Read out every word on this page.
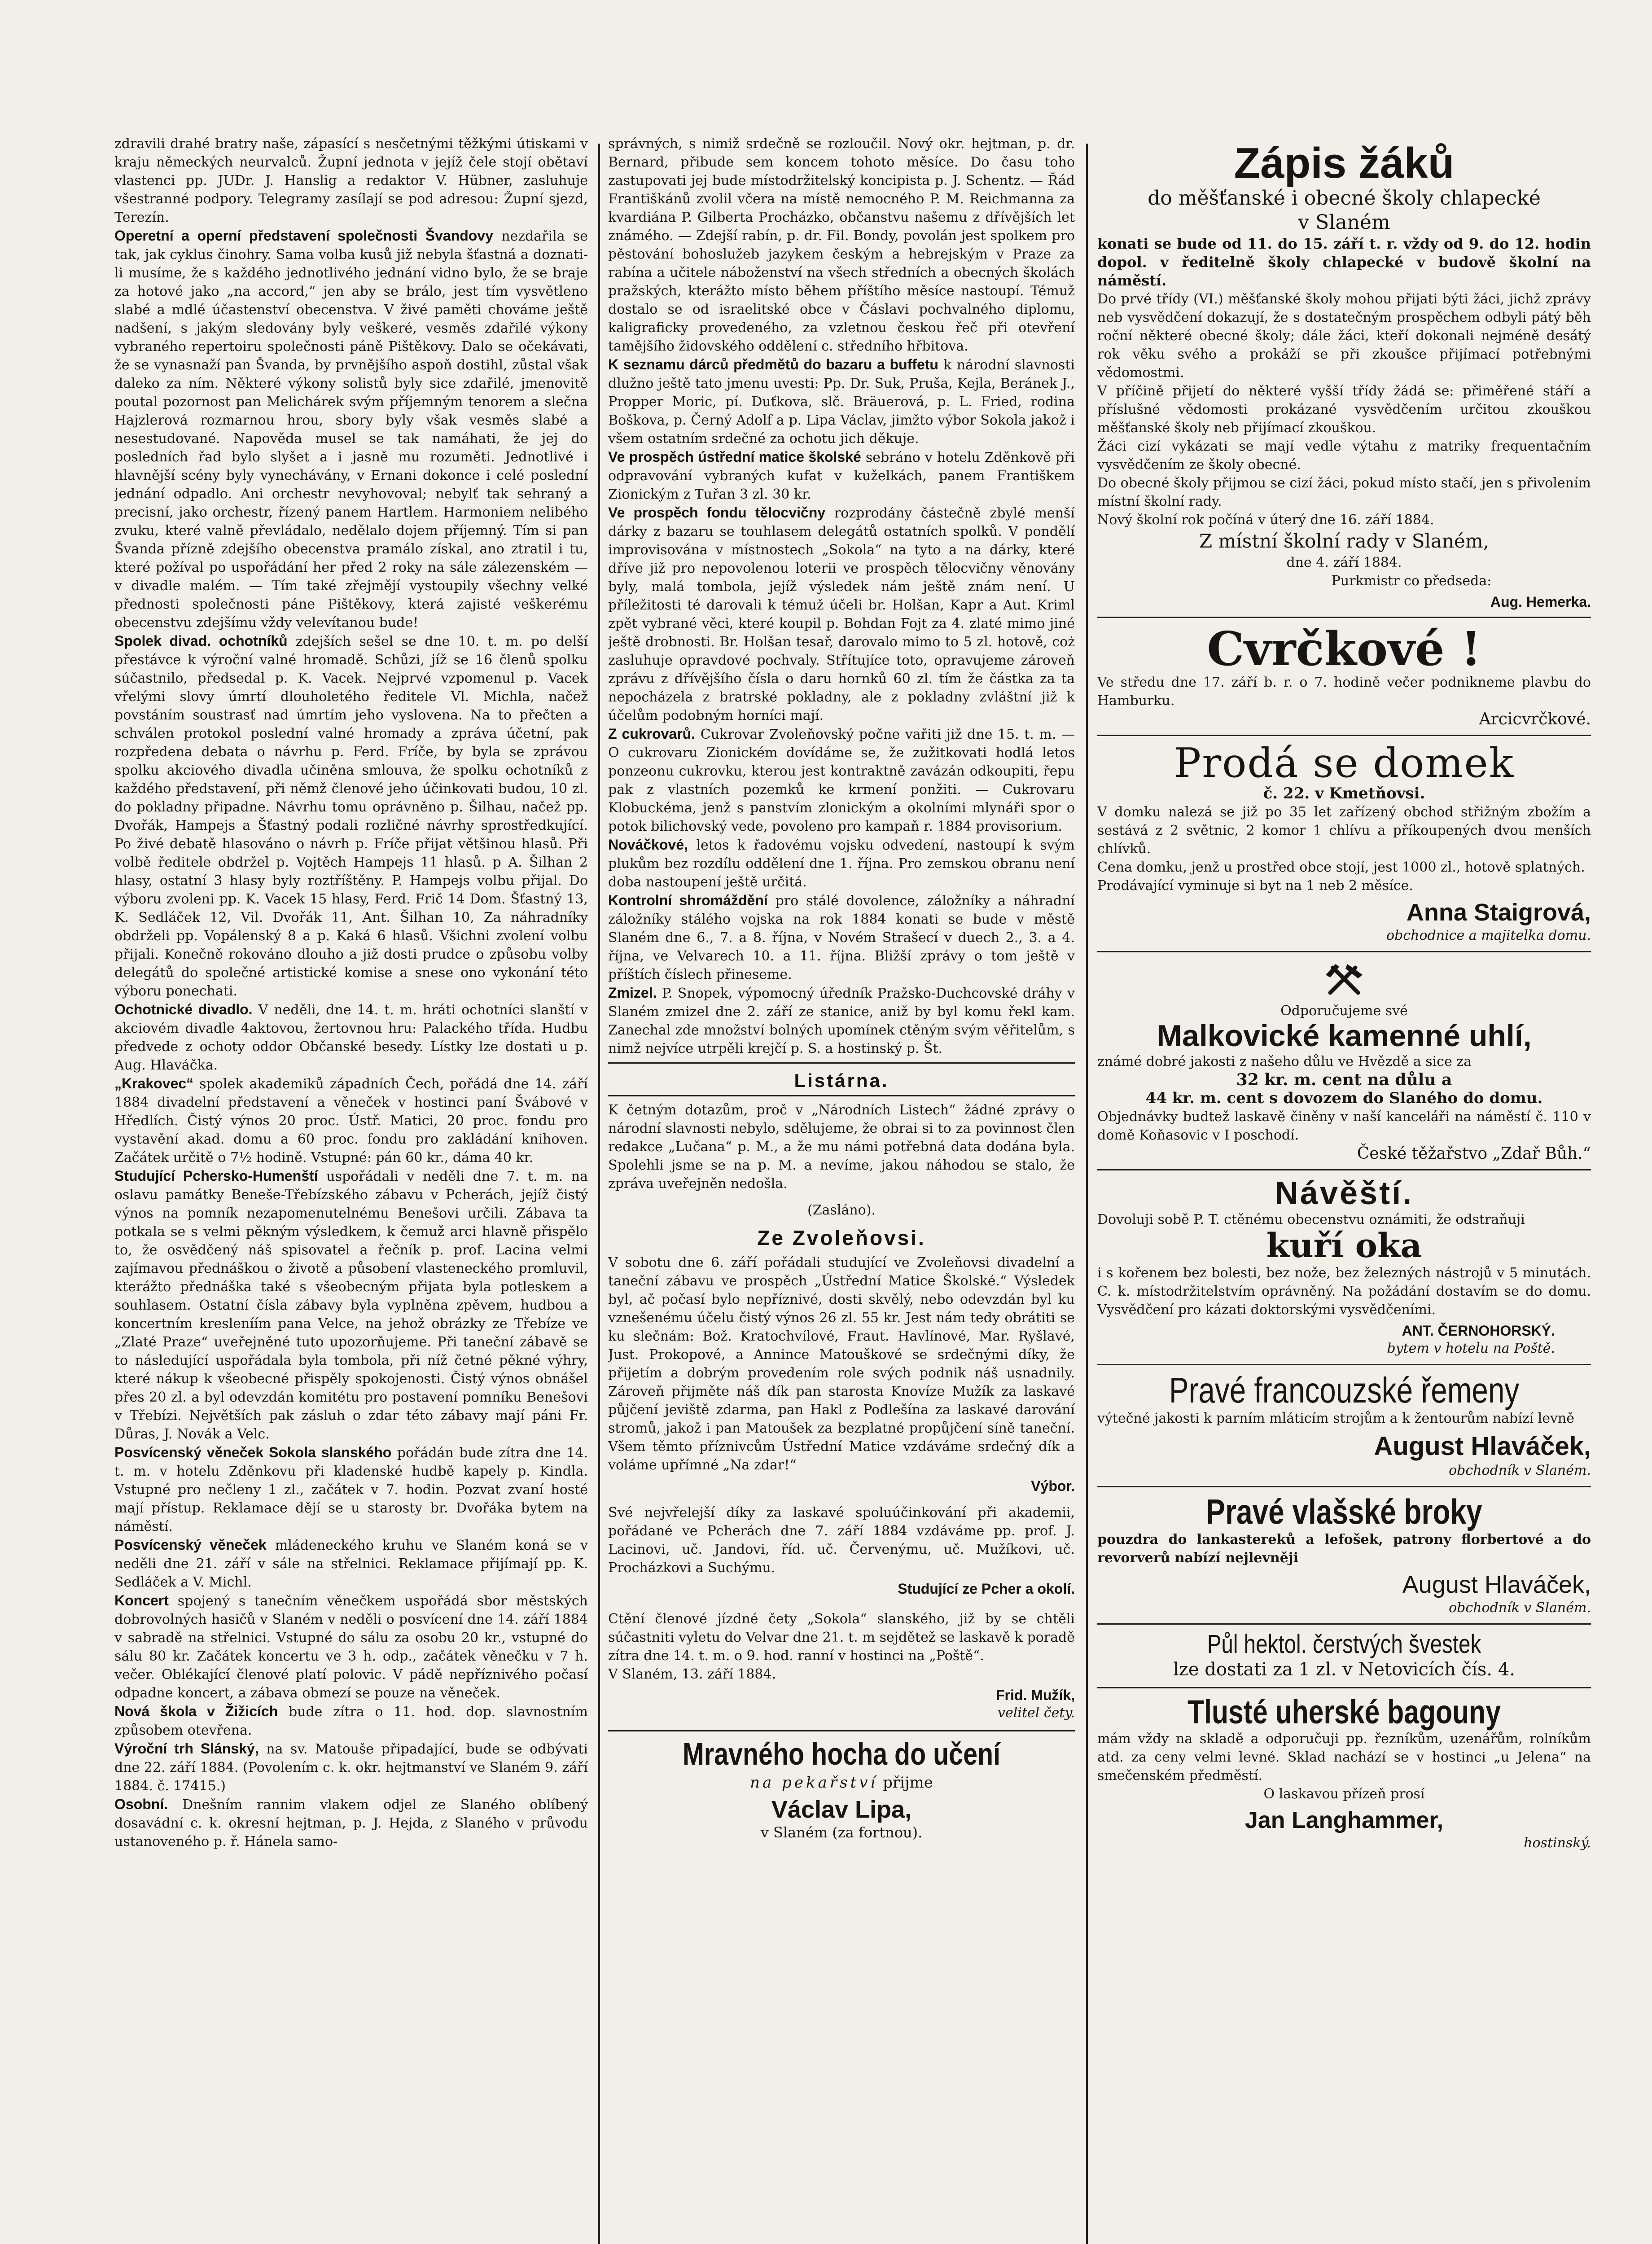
zdravili drahé bratry naše, zápasící s nesčetnými těžkými útiskami v kraju německých neurvalců. Župní jednota v jejíž čele stojí obětaví vlastenci pp. JUDr. J. Hanslig a redaktor V. Hübner, zasluhuje všestranné podpory. Telegramy zasílají se pod adresou: Župní sjezd, Terezín.

Operetní a operní představení společnosti Švandovy nezdařila se tak, jak cyklus činohry. Sama volba kusů již nebyla šťastná a doznati-li musíme, že s každého jednotlivého jednání vidno bylo, že se braje za hotové jako „na accord,“ jen aby se brálo, jest tím vysvětleno slabé a mdlé účastenství obecenstva. V živé paměti chováme ještě nadšení, s jakým sledovány byly veškeré, vesměs zdařilé výkony vybraného repertoiru společnosti páně Pištěkovy. Dalo se očekávati, že se vynasnaží pan Švanda, by prvnějšího aspoň dostihl, zůstal však daleko za ním. Některé výkony solistů byly sice zdařilé, jmenovitě poutal pozornost pan Melichárek svým příjemným tenorem a slečna Hajzlerová rozmarnou hrou, sbory byly však vesměs slabé a nesestudované. Napověda musel se tak namáhati, že jej do posledních řad bylo slyšet a i jasně mu rozuměti. Jednotlivé i hlavnější scény byly vynechávány, v Ernani dokonce i celé poslední jednání odpadlo. Ani orchestr nevyhovoval; nebylť tak sehraný a precisní, jako orchestr, řízený panem Hartlem. Harmoniem nelibého zvuku, které valně převládalo, nedělalo dojem příjemný. Tím si pan Švanda přízně zdejšího obecenstva pramálo získal, ano ztratil i tu, které požíval po uspořádání her před 2 roky na sále zálezenském — v divadle malém. — Tím také zřejmějí vystoupily všechny velké přednosti společnosti páne Pištěkovy, která zajisté veškerému obecenstvu zdejšímu vždy velevítanou bude!

Spolek divad. ochotníků zdejších sešel se dne 10. t. m. po delší přestávce k výroční valné hromadě. Schůzi, jíž se 16 členů spolku súčastnilo, předsedal p. K. Vacek. Nejprvé vzpomenul p. Vacek vřelými slovy úmrtí dlouholetého ředitele Vl. Michla, načež povstáním soustrasť nad úmrtím jeho vyslovena. Na to přečten a schválen protokol poslední valné hromady a zpráva účetní, pak rozpředena debata o návrhu p. Ferd. Fríče, by byla se zprávou spolku akciového divadla učiněna smlouva, že spolku ochotníků z každého představení, při němž členové jeho účinkovati budou, 10 zl. do pokladny připadne. Návrhu tomu oprávněno p. Šilhau, načež pp. Dvořák, Hampejs a Šťastný podali rozličné návrhy sprostředkující. Po živé debatě hlasováno o návrh p. Fríče přijat většinou hlasů. Při volbě ředitele obdržel p. Vojtěch Hampejs 11 hlasů. p A. Šilhan 2 hlasy, ostatní 3 hlasy byly roztříštěny. P. Hampejs volbu přijal. Do výboru zvoleni pp. K. Vacek 15 hlasy, Ferd. Frič 14 Dom. Šťastný 13, K. Sedláček 12, Vil. Dvořák 11, Ant. Šilhan 10, Za náhradníky obdrželi pp. Vopálenský 8 a p. Kaká 6 hlasů. Všichni zvolení volbu přijali. Konečně rokováno dlouho a již dosti prudce o způsobu volby delegátů do společné artistické komise a snese ono vykonání této výboru ponechati.

Ochotnické divadlo. V neděli, dne 14. t. m. hráti ochotníci slanští v akciovém divadle 4aktovou, žertovnou hru: Palackého třída. Hudbu předvede z ochoty oddor Občanské besedy. Lístky lze dostati u p. Aug. Hlaváčka.

„Krakovec“ spolek akademiků západních Čech, pořádá dne 14. září 1884 divadelní představení a věneček v hostinci paní Švábové v Hředlích. Čistý výnos 20 proc. Ústř. Matici, 20 proc. fondu pro vystavění akad. domu a 60 proc. fondu pro zakládání knihoven. Začátek určitě o 7½ hodině. Vstupné: pán 60 kr., dáma 40 kr.

Studující Pchersko-Humenští uspořádali v neděli dne 7. t. m. na oslavu památky Beneše-Třebízského zábavu v Pcherách, jejíž čistý výnos na pomník nezapomenutelnému Benešovi určili. Zábava ta potkala se s velmi pěkným výsledkem, k čemuž arci hlavně přispělo to, že osvědčený náš spisovatel a řečník p. prof. Lacina velmi zajímavou přednáškou o životě a působení vlasteneckého promluvil, kterážto přednáška také s všeobecným přijata byla potleskem a souhlasem. Ostatní čísla zábavy byla vyplněna zpěvem, hudbou a koncertním kresleníím pana Velce, na jehož obrázky ze Třebíze ve „Zlaté Praze“ uveřejněné tuto upozorňujeme. Při taneční zábavě se to následující uspořádala byla tombola, při níž četné pěkné výhry, které nákup k všeobecné přispěly spokojenosti. Čistý výnos obnášel přes 20 zl. a byl odevzdán komitétu pro postavení pomníku Benešovi v Třebízi. Největších pak zásluh o zdar této zábavy mají páni Fr. Důras, J. Novák a Velc.

Posvícenský věneček Sokola slanského pořádán bude zítra dne 14. t. m. v hotelu Zděnkovu při kladenské hudbě kapely p. Kindla. Vstupné pro nečleny 1 zl., začátek v 7. hodin. Pozvat zvaní hosté mají přístup. Reklamace dějí se u starosty br. Dvořáka bytem na náměstí.

Posvícenský věneček mládeneckého kruhu ve Slaném koná se v neděli dne 21. září v sále na střelnici. Reklamace přijímají pp. K. Sedláček a V. Michl.

Koncert spojený s tanečním věnečkem uspořádá sbor městských dobrovolných hasičů v Slaném v neděli o posvícení dne 14. září 1884 v sabradě na střelnici. Vstupné do sálu za osobu 20 kr., vstupné do sálu 80 kr. Začátek koncertu ve 3 h. odp., začátek věnečku v 7 h. večer. Oblékající členové platí polovic. V pádě nepříznivého počasí odpadne koncert, a zábava obmezí se pouze na věneček.

Nová škola v Žižicích bude zítra o 11. hod. dop. slavnostním způsobem otevřena.

Výroční trh Slánský, na sv. Matouše připadající, bude se odbývati dne 22. září 1884. (Povolením c. k. okr. hejtmanství ve Slaném 9. září 1884. č. 17415.)

Osobní. Dnešním rannim vlakem odjel ze Slaného oblíbený dosavádní c. k. okresní hejtman, p. J. Hejda, z Slaného v průvodu ustanoveného p. ř. Hánela samo-

správných, s nimiž srdečně se rozloučil. Nový okr. hejtman, p. dr. Bernard, přibude sem koncem tohoto měsíce. Do času toho zastupovati jej bude místodržitelský koncipista p. J. Schentz. — Řád Františkánů zvolil včera na místě nemocného P. M. Reichmanna za kvardiána P. Gilberta Procházko, občanstvu našemu z dřívějších let známého. — Zdejší rabín, p. dr. Fil. Bondy, povolán jest spolkem pro pěstování bohoslužeb jazykem českým a hebrejským v Praze za rabína a učitele náboženství na všech středních a obecných školách pražských, kterážto místo během příštího měsíce nastoupí. Témuž dostalo se od israelitské obce v Čáslavi pochvalného diplomu, kaligraficky provedeného, za vzletnou českou řeč při otevření tamějšího židovského oddělení c. středního hřbitova.

K seznamu dárců předmětů do bazaru a buffetu k národní slavnosti dlužno ještě tato jmenu uvesti: Pp. Dr. Suk, Pruša, Kejla, Beránek J., Propper Moric, pí. Duťkova, slč. Bräuerová, p. L. Fried, rodina Boškova, p. Černý Adolf a p. Lipa Václav, jimžto výbor Sokola jakož i všem ostatním srdečné za ochotu jich děkuje.

Ve prospěch ústřední matice školské sebráno v hotelu Zděnkově při odpravování vybraných kufat v kuželkách, panem Františkem Zionickým z Tuřan 3 zl. 30 kr.

Ve prospěch fondu tělocvičny rozprodány částečně zbylé menší dárky z bazaru se touhlasem delegátů ostatních spolků. V pondělí improvisována v místnostech „Sokola“ na tyto a na dárky, které dříve již pro nepovolenou loterii ve prospěch tělocvičny věnovány byly, malá tombola, jejíž výsledek nám ještě znám není. U příležitosti té darovali k témuž účeli br. Holšan, Kapr a Aut. Kriml zpět vybrané věci, které koupil p. Bohdan Fojt za 4. zlaté mimo jiné ještě drobnosti. Br. Holšan tesař, darovalo mimo to 5 zl. hotově, coż zasluhuje opravdové pochvaly. Střítujíce toto, opravujeme zároveň zprávu z dřívějšího čísla o daru hornků 60 zl. tím že částka za ta nepocházela z bratrské pokladny, ale z pokladny zvláštní již k účelům podobným horníci mají.

Z cukrovarů. Cukrovar Zvoleňovský počne vařiti již dne 15. t. m. — O cukrovaru Zionickém dovídáme se, že zužitkovati hodlá letos ponzeonu cukrovku, kterou jest kontraktně zavázán odkoupiti, řepu pak z vlastních pozemků ke krmení ponžiti. — Cukrovaru Klobuckéma, jenž s panstvím zlonickým a okolními mlynáři spor o potok bilichovský vede, povoleno pro kampaň r. 1884 provisorium.

Nováčkové, letos k řadovému vojsku odvedení, nastoupí k svým plukům bez rozdílu oddělení dne 1. října. Pro zemskou obranu není doba nastoupení ještě určitá.

Kontrolní shromáždění pro stálé dovolence, záložníky a náhradní záložníky stálého vojska na rok 1884 konati se bude v městě Slaném dne 6., 7. a 8. října, v Novém Strašecí v duech 2., 3. a 4. října, ve Velvarech 10. a 11. října. Bližší zprávy o tom ještě v příštích číslech přineseme.

Zmizel. P. Snopek, výpomocný úředník Pražsko-Duchcovské dráhy v Slaném zmizel dne 2. září ze stanice, aniž by byl komu řekl kam. Zanechal zde množství bolných upomínek ctěným svým věřitelům, s nimž nejvíce utrpěli krejčí p. S. a hostinský p. Št.

Listárna.

K četným dotazům, proč v „Národních Listech“ žádné zprávy o národní slavnosti nebylo, sdělujeme, že obrai si to za povinnost člen redakce „Lučana“ p. M., a že mu námi potřebná data dodána byla. Spolehli jsme se na p. M. a nevíme, jakou náhodou se stalo, že zpráva uveřejněn nedošla.

(Zasláno).

Ze Zvoleňovsi.

V sobotu dne 6. září pořádali studující ve Zvoleňovsi divadelní a taneční zábavu ve prospěch „Ústřední Matice Školské.“ Výsledek byl, ač počasí bylo nepříznivé, dosti skvělý, nebo odevzdán byl ku vznešenému účelu čistý výnos 26 zl. 55 kr. Jest nám tedy obrátiti se ku slečnám: Bož. Kratochvílové, Fraut. Havlínové, Mar. Ryšlavé, Just. Prokopové, a Annince Matouškové se srdečnými díky, že přijetím a dobrým provedením role svých podnik náš usnadnily. Zároveň přijměte náš dík pan starosta Knovíze Mužík za laskavé půjčení jeviště zdarma, pan Hakl z Podlešína za laskavé darování stromů, jakož i pan Matoušek za bezplatné propůjčení síně taneční. Všem těmto příznivcům Ústřední Matice vzdáváme srdečný dík a voláme upřímné „Na zdar!“

Výbor.

Své nejvřelejší díky za laskavé spoluúčinkování při akademii, pořádané ve Pcherách dne 7. září 1884 vzdáváme pp. prof. J. Lacinovi, uč. Jandovi, říd. uč. Červenýmu, uč. Mužíkovi, uč. Procházkovi a Suchýmu.

Studující ze Pcher a okolí.

Ctění členové jízdné čety „Sokola“ slanského, již by se chtěli súčastniti vyletu do Velvar dne 21. t. m sejdětež se laskavě k poradě zítra dne 14. t. m. o 9. hod. ranní v hostinci na „Poště“.

V Slaném, 13. září 1884.

Frid. Mužík,

velitel čety.

Mravného hocha do učení

na pekařství přijme

Václav Lipa,

v Slaném (za fortnou).

Zápis žáků

do měšťanské i obecné školy chlapecké

v Slaném

konati se bude od 11. do 15. září t. r. vždy od 9. do 12. hodin dopol. v ředitelně školy chlapecké v budově školní na náměstí.

Do prvé třídy (VI.) měšťanské školy mohou přijati býti žáci, jichž zprávy neb vysvědčení dokazují, že s dostatečným prospěchem odbyli pátý běh roční některé obecné školy; dále žáci, kteří dokonali nejméně desátý rok věku svého a prokáží se při zkoušce přijímací potřebnými vědomostmi.

V příčině přijetí do některé vyšší třídy žádá se: přiměřené stáří a příslušné vědomosti prokázané vysvědčením určitou zkouškou měšťanské školy neb přijímací zkouškou.

Žáci cizí vykázati se mají vedle výtahu z matriky frequentačním vysvědčením ze školy obecné.

Do obecné školy přijmou se cizí žáci, pokud místo stačí, jen s přivolením místní školní rady.

Nový školní rok počíná v úterý dne 16. září 1884.

Z místní školní rady v Slaném,

dne 4. září 1884.

Purkmistr co předseda:

Aug. Hemerka.
Cvrčkové !

Ve středu dne 17. září b. r. o 7. hodině večer podnikneme plavbu do Hamburku.

Arcicvrčkové.

Prodá se domek

č. 22. v Kmetňovsi.

V domku nalezá se již po 35 let zařízený obchod střižným zbožím a sestává z 2 světnic, 2 komor 1 chlívu a příkoupených dvou menších chlívků.

Cena domku, jenž u prostřed obce stojí, jest 1000 zl., hotově splatných.

Prodávající vyminuje si byt na 1 neb 2 měsíce.

Anna Staigrová,

obchodnice a majitelka domu.

Odporučujeme své

Malkovické kamenné uhlí,

známé dobré jakosti z našeho důlu ve Hvězdě a sice za

32 kr. m. cent na důlu a

44 kr. m. cent s dovozem do Slaného do domu.

Objednávky budtež laskavě činěny v naší kanceláři na náměstí č. 110 v domě Koňasovic v I poschodí.

České těžařstvo „Zdař Bůh.“

Návěští.

Dovoluji sobě P. T. ctěnému obecenstvu oznámiti, že odstraňuji

kuří oka

i s kořenem bez bolesti, bez nože, bez železných nástrojů v 5 minutách. C. k. místodržitelstvím oprávněný. Na požádání dostavím se do domu. Vysvědčení pro kázati doktorskými vysvědčeními.

ANT. ČERNOHORSKÝ.

bytem v hotelu na Poště.

Pravé francouzské řemeny

výtečné jakosti k parním mláticím strojům a k žentourům nabízí levně

August Hlaváček,

obchodník v Slaném.

Pravé vlašské broky

pouzdra do lankastereků a lefošek, patrony florbertové a do revorverů nabízí nejlevněji

August Hlaváček,

obchodník v Slaném.

Půl hektol. čerstvých švestek

lze dostati za 1 zl. v Netovicích čís. 4.

Tlusté uherské bagouny

mám vždy na skladě a odporučuji pp. řezníkům, uzenářům, rolníkům atd. za ceny velmi levné. Sklad nachází se v hostinci „u Jelena“ na smečenském předměstí.

O laskavou přízeň prosí

Jan Langhammer,

hostinský.
